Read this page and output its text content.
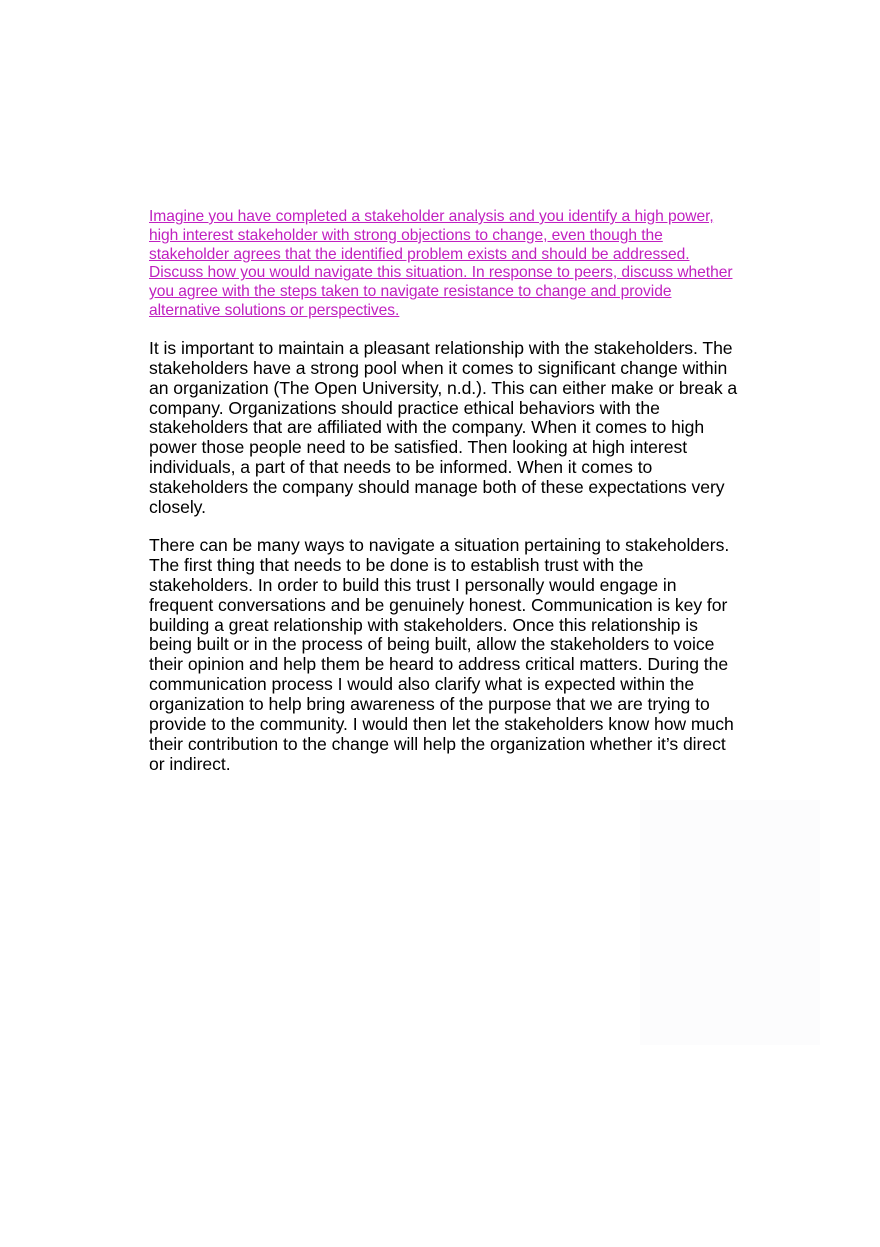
Imagine you have completed a stakeholder analysis and you identify a high power, high interest stakeholder with strong objections to change, even though the stakeholder agrees that the identified problem exists and should be addressed. Discuss how you would navigate this situation. In response to peers, discuss whether you agree with the steps taken to navigate resistance to change and provide alternative solutions or perspectives.

It is important to maintain a pleasant relationship with the stakeholders. The stakeholders have a strong pool when it comes to significant change within an organization (The Open University, n.d.). This can either make or break a company. Organizations should practice ethical behaviors with the stakeholders that are affiliated with the company. When it comes to high power those people need to be satisfied. Then looking at high interest individuals, a part of that needs to be informed. When it comes to stakeholders the company should manage both of these expectations very closely.

There can be many ways to navigate a situation pertaining to stakeholders. The first thing that needs to be done is to establish trust with the stakeholders. In order to build this trust I personally would engage in frequent conversations and be genuinely honest. Communication is key for building a great relationship with stakeholders. Once this relationship is being built or in the process of being built, allow the stakeholders to voice their opinion and help them be heard to address critical matters. During the communication process I would also clarify what is expected within the organization to help bring awareness of the purpose that we are trying to provide to the community. I would then let the stakeholders know how much their contribution to the change will help the organization whether it’s direct or indirect.
